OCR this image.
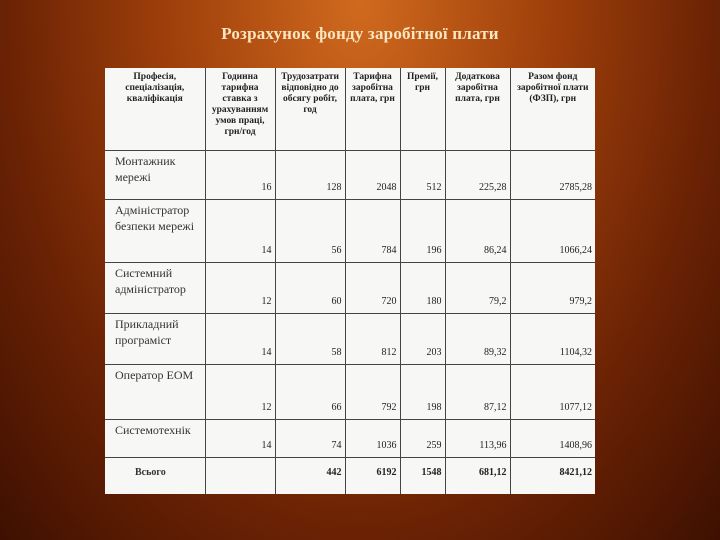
Розрахунок фонду заробітної плати
Професія, спеціалізація, кваліфікація	Годинна тарифна ставка з урахуванням умов праці, грн/год	Трудозатрати відповідно до обсягу робіт, год	Тарифна заробітна плата, грн	Премії, грн	Додаткова заробітна плата, грн	Разом фонд заробітної плати (ФЗП), грн
Монтажник мережі	16	128	2048	512	225,28	2785,28
Адміністратор безпеки мережі	14	56	784	196	86,24	1066,24
Системний адміністратор	12	60	720	180	79,2	979,2
Прикладний програміст	14	58	812	203	89,32	1104,32
Оператор ЕОМ	12	66	792	198	87,12	1077,12
Системотехнік	14	74	1036	259	113,96	1408,96
Всього		442	6192	1548	681,12	8421,12
